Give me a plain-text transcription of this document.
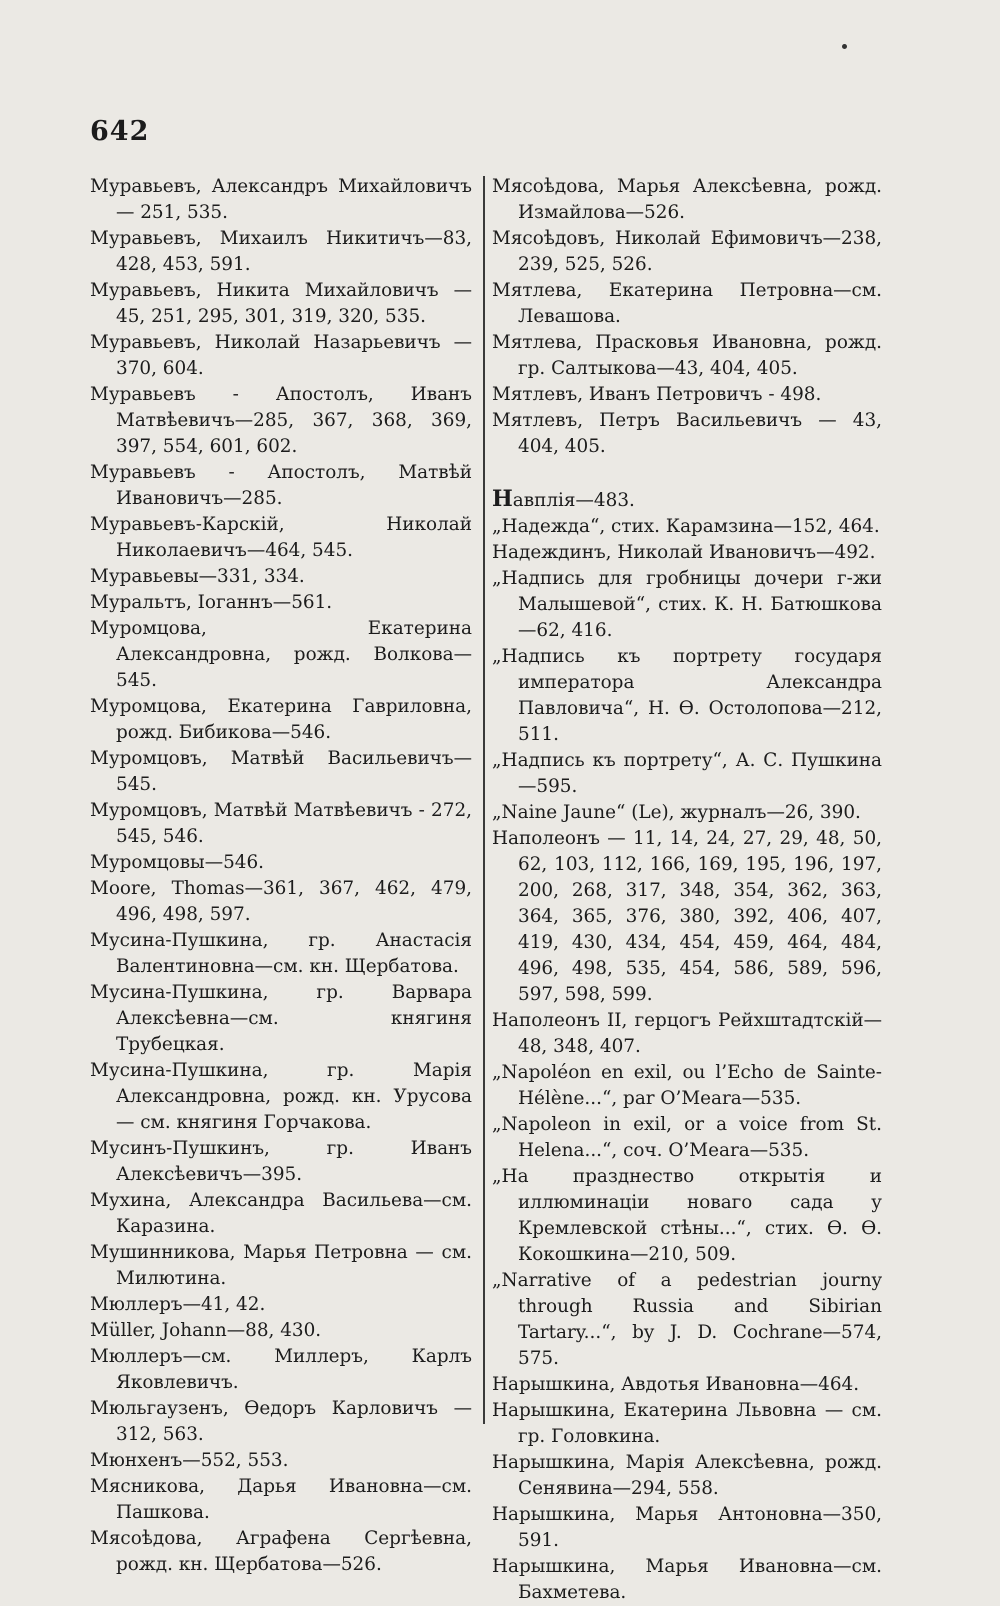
642

Муравьевъ, Александръ Михайловичъ — 251, 535.

Муравьевъ, Михаилъ Никитичъ—83, 428, 453, 591.

Муравьевъ, Никита Михайловичъ — 45, 251, 295, 301, 319, 320, 535.

Муравьевъ, Николай Назарьевичъ — 370, 604.

Муравьевъ - Апостолъ, Иванъ Матвѣевичъ—285, 367, 368, 369, 397, 554, 601, 602.

Муравьевъ - Апостолъ, Матвѣй Ивановичъ—285.

Муравьевъ-Карскій, Николай Николаевичъ—464, 545.

Муравьевы—331, 334.

Муральтъ, Іоганнъ—561.

Муромцова, Екатерина Александровна, рожд. Волкова—545.

Муромцова, Екатерина Гавриловна, рожд. Бибикова—546.

Муромцовъ, Матвѣй Васильевичъ—545.

Муромцовъ, Матвѣй Матвѣевичъ - 272, 545, 546.

Муромцовы—546.

Moore, Thomas—361, 367, 462, 479, 496, 498, 597.

Мусина-Пушкина, гр. Анастасія Валентиновна—см. кн. Щербатова.

Мусина-Пушкина, гр. Варвара Алексѣевна—см. княгиня Трубецкая.

Мусина-Пушкина, гр. Марія Александровна, рожд. кн. Урусова — см. княгиня Горчакова.

Мусинъ-Пушкинъ, гр. Иванъ Алексѣевичъ—395.

Мухина, Александра Васильева—см. Каразина.

Мушинникова, Марья Петровна — см. Милютина.

Мюллеръ—41, 42.

Müller, Johann—88, 430.

Мюллеръ—см. Миллеръ, Карлъ Яковлевичъ.

Мюльгаузенъ, Ѳедоръ Карловичъ — 312, 563.

Мюнхенъ—552, 553.

Мясникова, Дарья Ивановна—см. Пашкова.

Мясоѣдова, Аграфена Сергѣевна, рожд. кн. Щербатова—526.

Мясоѣдова, Марья Алексѣевна, рожд. Измайлова—526.

Мясоѣдовъ, Николай Ефимовичъ—238, 239, 525, 526.

Мятлева, Екатерина Петровна—см. Левашова.

Мятлева, Прасковья Ивановна, рожд. гр. Салтыкова—43, 404, 405.

Мятлевъ, Иванъ Петровичъ - 498.

Мятлевъ, Петръ Васильевичъ — 43, 404, 405.

Навплія—483.

„Надежда“, стих. Карамзина—152, 464.

Надеждинъ, Николай Ивановичъ—492.

„Надпись для гробницы дочери г-жи Малышевой“, стих. К. Н. Батюшкова—62, 416.

„Надпись къ портрету государя императора Александра Павловича“, Н. Ѳ. Остолопова—212, 511.

„Надпись къ портрету“, А. С. Пушкина—595.

„Naine Jaune“ (Le), журналъ—26, 390.

Наполеонъ — 11, 14, 24, 27, 29, 48, 50, 62, 103, 112, 166, 169, 195, 196, 197, 200, 268, 317, 348, 354, 362, 363, 364, 365, 376, 380, 392, 406, 407, 419, 430, 434, 454, 459, 464, 484, 496, 498, 535, 454, 586, 589, 596, 597, 598, 599.

Наполеонъ II, герцогъ Рейхштадтскій—48, 348, 407.

„Napoléon en exil, ou l’Echo de Sainte-Hélène...“, par O’Meara—535.

„Napoleon in exil, or a voice from St. Helena...“, соч. O’Meara—535.

„На празднество открытія и иллюминаціи новаго сада у Кремлевской стѣны...“, стих. Ѳ. Ѳ. Кокошкина—210, 509.

„Narrative of a pedestrian journy through Russia and Sibirian Tartary...“, by J. D. Cochrane—574, 575.

Нарышкина, Авдотья Ивановна—464.

Нарышкина, Екатерина Львовна — см. гр. Головкина.

Нарышкина, Марія Алексѣевна, рожд. Сенявина—294, 558.

Нарышкина, Марья Антоновна—350, 591.

Нарышкина, Марья Ивановна—см. Бахметева.
